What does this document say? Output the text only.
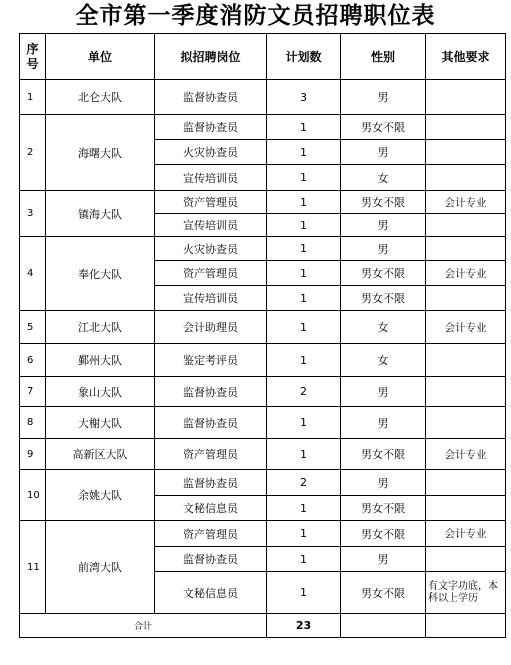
全市第一季度消防文员招聘职位表
序号	单位	拟招聘岗位	计划数	性别	其他要求
1	北仑大队	监督协查员	3	男	
2	海曙大队	监督协查员	1	男女不限	
		火灾协查员	1	男	
		宣传培训员	1	女	
3	镇海大队	资产管理员	1	男女不限	会计专业
		宣传培训员	1	男	
4	奉化大队	火灾协查员	1	男	
		资产管理员	1	男女不限	会计专业
		宣传培训员	1	男女不限	
5	江北大队	会计助理员	1	女	会计专业
6	鄞州大队	鉴定考评员	1	女	
7	象山大队	监督协查员	2	男	
8	大榭大队	监督协查员	1	男	
9	高新区大队	资产管理员	1	男女不限	会计专业
10	余姚大队	监督协查员	2	男	
		文秘信息员	1	男女不限	
11	前湾大队	资产管理员	1	男女不限	会计专业
		监督协查员	1	男	
		文秘信息员	1	男女不限	有文字功底，本科以上学历
合计			23		
